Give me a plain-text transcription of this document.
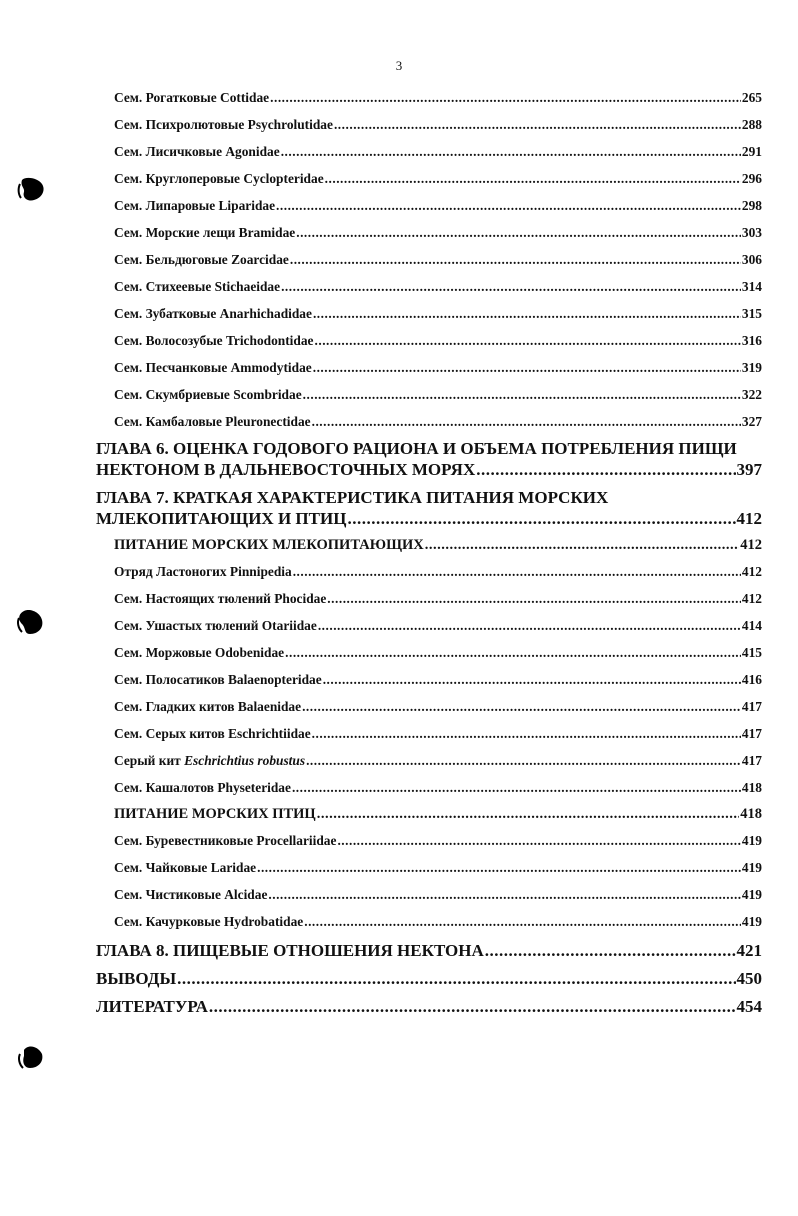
3
Сем. Рогатковые Cottidae .....	265
Сем. Психролютовые Psychrolutidae .....	288
Сем. Лисичковые Agonidae .....	291
Сем. Круглоперовые Cyclopteridae .....	296
Сем. Липаровые Liparidae .....	298
Сем. Морские лещи Bramidae .....	303
Сем. Бельдюговые Zoarcidae .....	306
Сем. Стихеевые Stichaeidae .....	314
Сем. Зубатковые Anarhichadidae .....	315
Сем. Волосозубые Trichodontidae .....	316
Сем. Песчанковые Ammodytidae .....	319
Сем. Скумбриевые Scombridae .....	322
Сем. Камбаловые Pleuronectidae .....	327
ГЛАВА 6. ОЦЕНКА ГОДОВОГО РАЦИОНА И ОБЪЕМА ПОТРЕБЛЕНИЯ ПИЩИ
НЕКТОНОМ В ДАЛЬНЕВОСТОЧНЫХ МОРЯХ .....	397
ГЛАВА 7. КРАТКАЯ ХАРАКТЕРИСТИКА ПИТАНИЯ МОРСКИХ
МЛЕКОПИТАЮЩИХ И ПТИЦ .....	412
ПИТАНИЕ МОРСКИХ МЛЕКОПИТАЮЩИХ .....	412
Отряд Ластоногих Pinnipedia .....	412
Сем. Настоящих тюлений Phocidae .....	412
Сем. Ушастых тюлений Otariidae .....	414
Сем. Моржовые Odobenidae .....	415
Сем. Полосатиков Balaenopteridae .....	416
Сем. Гладких китов Balaenidae .....	417
Сем. Серых китов Eschrichtiidae .....	417
Серый кит Eschrichtius robustus .....	417
Сем. Кашалотов Physeteridae .....	418
ПИТАНИЕ МОРСКИХ ПТИЦ .....	418
Сем. Буревестниковые Procellariidae .....	419
Сем. Чайковые Laridae .....	419
Сем. Чистиковые Alcidae .....	419
Сем. Качурковые Hydrobatidae .....	419
ГЛАВА 8. ПИЩЕВЫЕ ОТНОШЕНИЯ НЕКТОНА .....	421
ВЫВОДЫ .....	450
ЛИТЕРАТУРА .....	454
